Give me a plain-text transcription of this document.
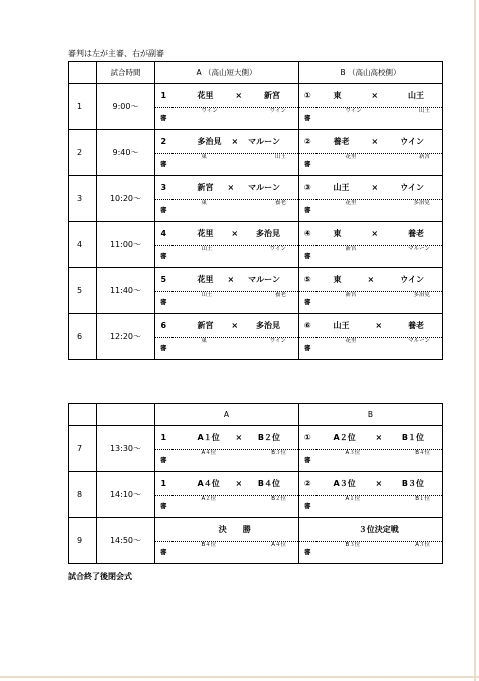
審判は左が主審、右が副審
	試合時間	A （高山短大側）		B （高山高校側）	
1	9:00〜	1	花里 × 新宮	①	東 × 山王

		審	ウイン ウイン	審	ウイン 山王

2	9:40〜	2	多治見 × マルーン	②	養老 × ウイン

		審	東 山王	審	花里 新宮

3	10:20〜	3	新宮 × マルーン	③	山王 × ウイン

		審	東 養老	審	花里 多治見

4	11:00〜	4	花里 × 多治見	④	東 × 養老

		審	山王 ウイン	審	新宮 マルーン

5	11:40〜	5	花里 × マルーン	⑤	東 × ウイン

		審	山王 養老	審	新宮 多治見

6	12:20〜	6	新宮 × 多治見	⑥	山王 × 養老

		審	東 ウイン	審	花里 マルーン
		A		B	
7	13:30〜	1	A１位 × B２位	①	A２位 × B１位

		審	A４位 B３位	審	A３位 B４位

8	14:10〜	1	A４位 × B４位	②	A３位 × B３位

		審	A２位 B２位	審	A１位 B１位

9	14:50〜		決　　勝		３位決定戦
		審	B４位 A４位	審	B３位 A３位
試合終了後閉会式
